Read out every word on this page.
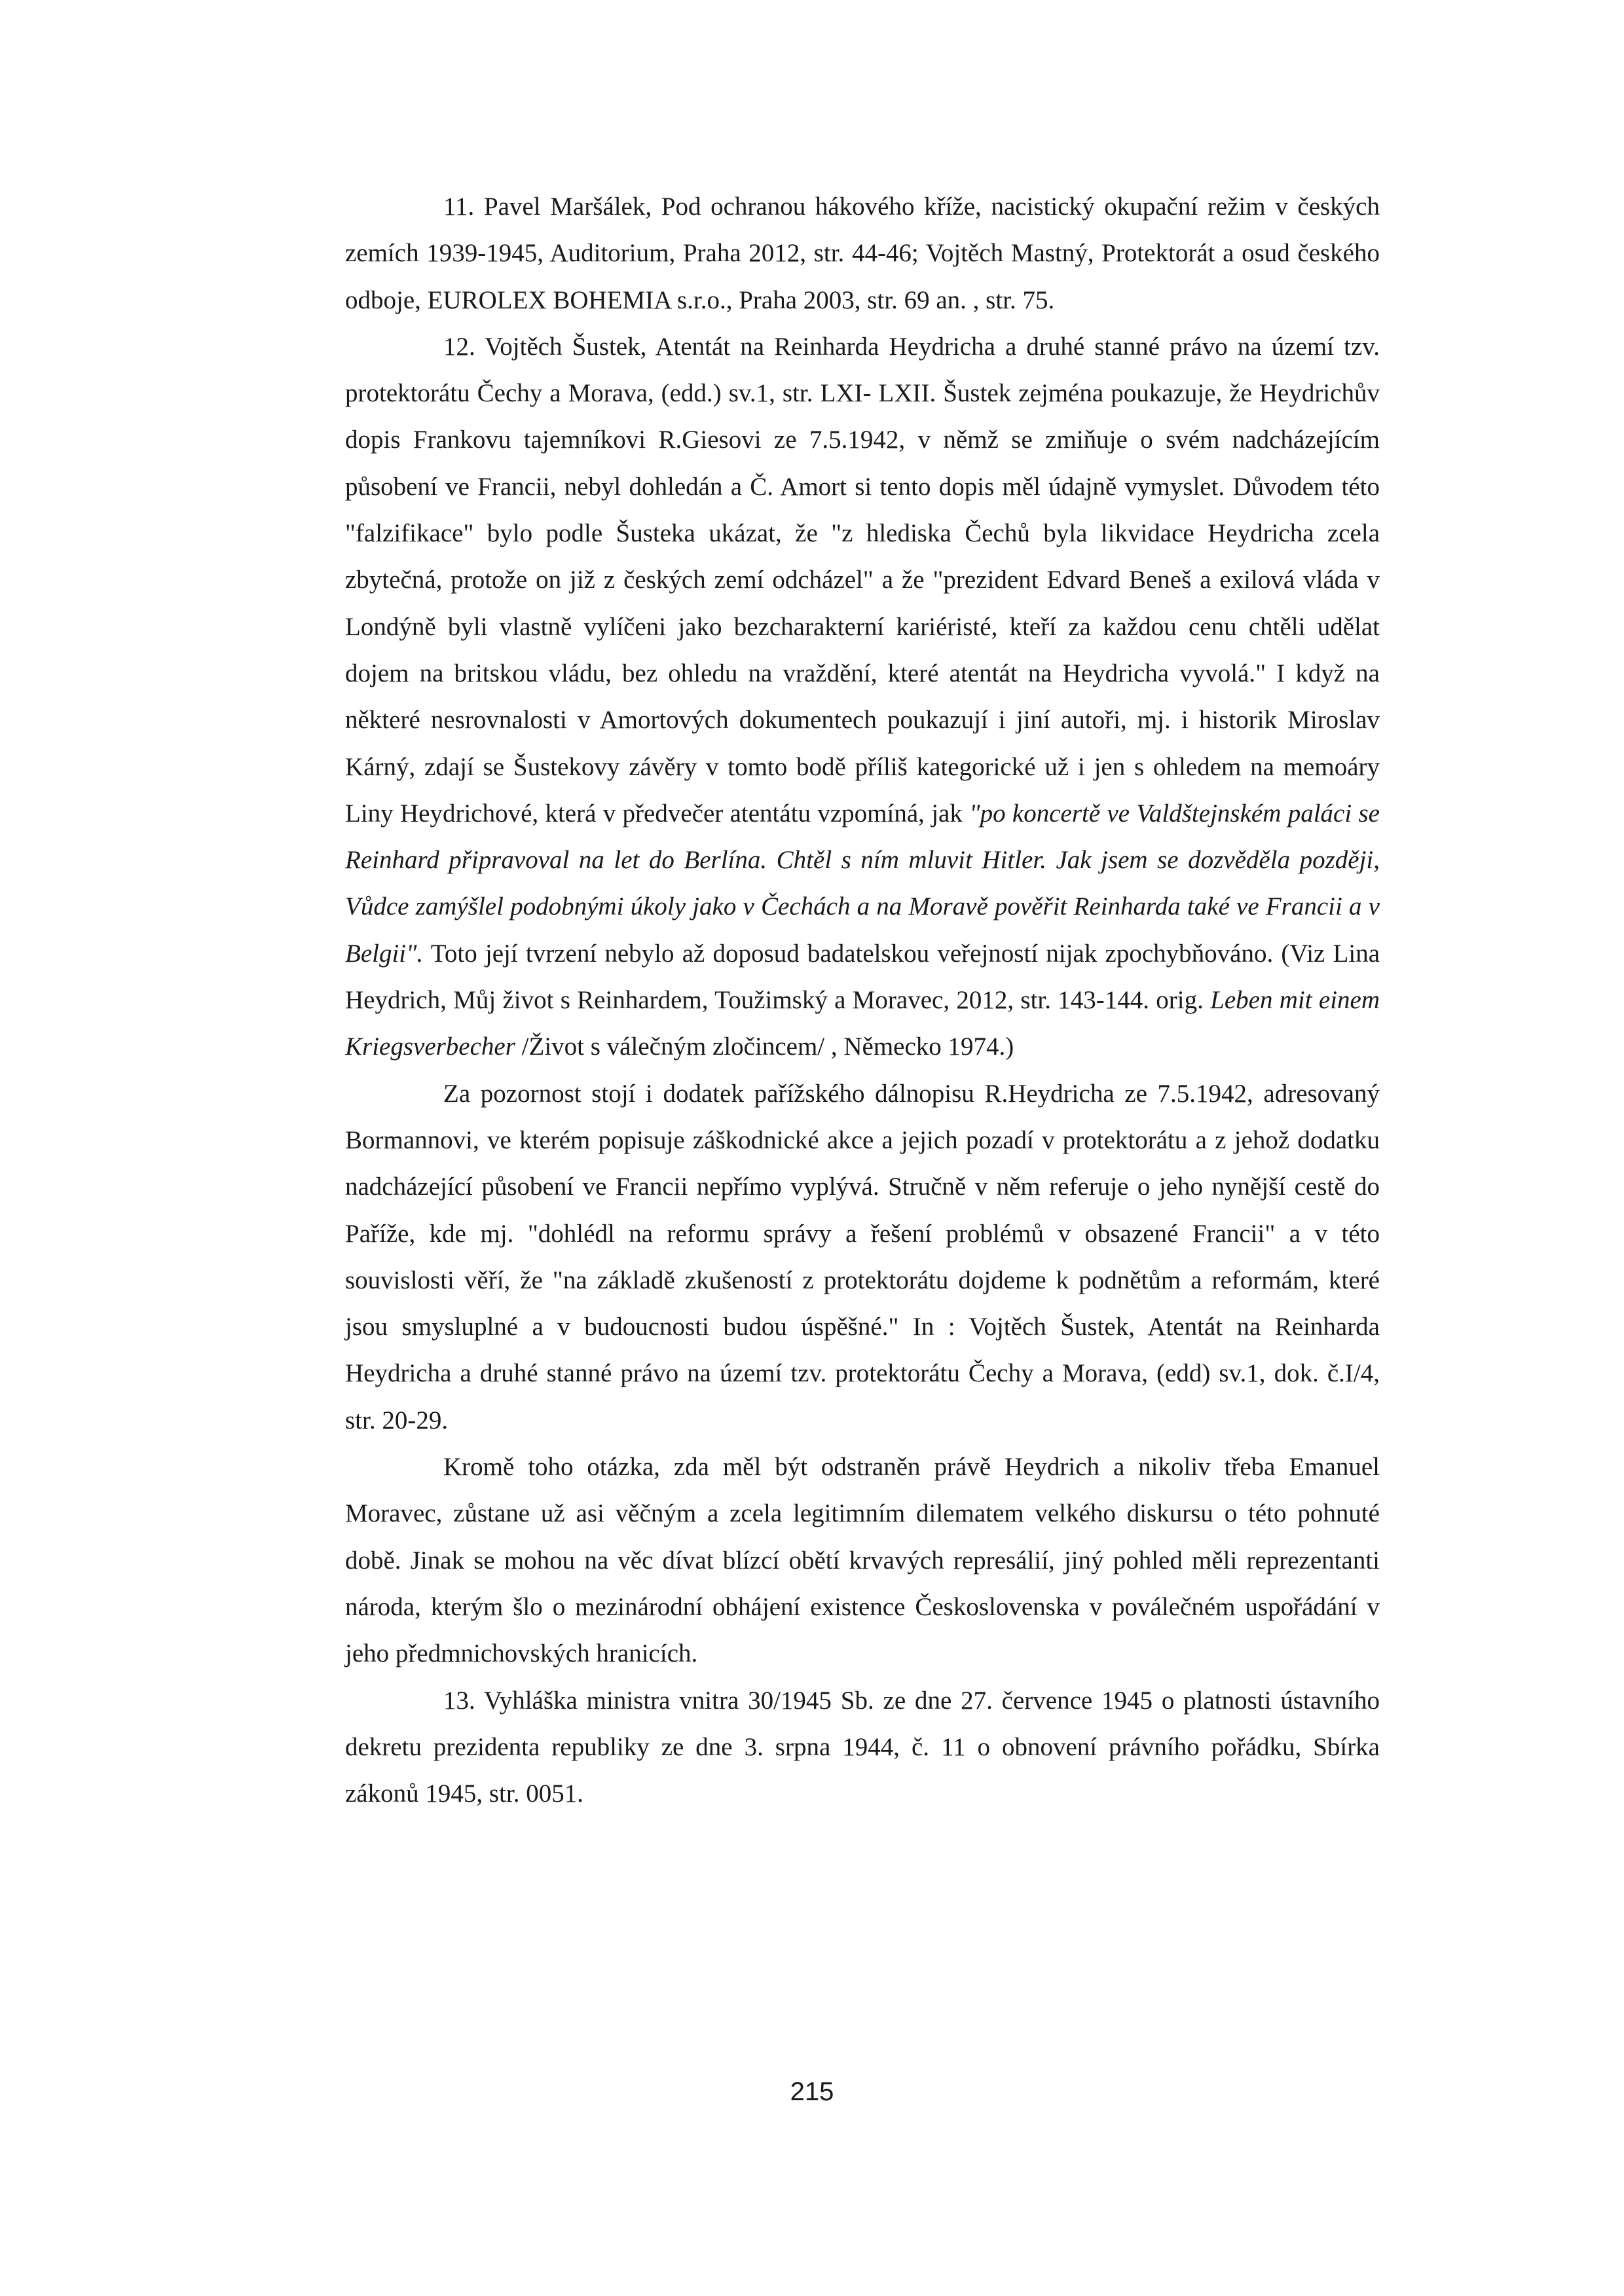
11. Pavel Maršálek, Pod ochranou hákového kříže, nacistický okupační režim v českých zemích 1939-1945, Auditorium, Praha 2012, str. 44-46; Vojtěch Mastný, Protektorát a osud českého odboje, EUROLEX BOHEMIA s.r.o., Praha 2003, str. 69 an. , str. 75.

12. Vojtěch Šustek, Atentát na Reinharda Heydricha a druhé stanné právo na území tzv. protektorátu Čechy a Morava, (edd.) sv.1, str. LXI- LXII. Šustek zejména poukazuje, že Heydrichův dopis Frankovu tajemníkovi R.Giesovi ze 7.5.1942, v němž se zmiňuje o svém nadcházejícím působení ve Francii, nebyl dohledán a Č. Amort si tento dopis měl údajně vymyslet. Důvodem této "falzifikace" bylo podle Šusteka ukázat, že "z hlediska Čechů byla likvidace Heydricha zcela zbytečná, protože on již z českých zemí odcházel" a že "prezident Edvard Beneš a exilová vláda v Londýně byli vlastně vylíčeni jako bezcharakterní kariéristé, kteří za každou cenu chtěli udělat dojem na britskou vládu, bez ohledu na vraždění, které atentát na Heydricha vyvolá." I když na některé nesrovnalosti v Amortových dokumentech poukazují i jiní autoři, mj. i historik Miroslav Kárný, zdají se Šustekovy závěry v tomto bodě příliš kategorické už i jen s ohledem na memoáry Liny Heydrichové, která v předvečer atentátu vzpomíná, jak "po koncertě ve Valdštejnském paláci se Reinhard připravoval na let do Berlína. Chtěl s ním mluvit Hitler. Jak jsem se dozvěděla později, Vůdce zamýšlel podobnými úkoly jako v Čechách a na Moravě pověřit Reinharda také ve Francii a v Belgii". Toto její tvrzení nebylo až doposud badatelskou veřejností nijak zpochybňováno. (Viz Lina Heydrich, Můj život s Reinhardem, Toužimský a Moravec, 2012, str. 143-144. orig. Leben mit einem Kriegsverbecher /Život s válečným zločincem/ , Německo 1974.)

Za pozornost stojí i dodatek pařížského dálnopisu R.Heydricha ze 7.5.1942, adresovaný Bormannovi, ve kterém popisuje záškodnické akce a jejich pozadí v protektorátu a z jehož dodatku nadcházející působení ve Francii nepřímo vyplývá. Stručně v něm referuje o jeho nynější cestě do Paříže, kde mj. "dohlédl na reformu správy a řešení problémů v obsazené Francii" a v této souvislosti věří, že "na základě zkušeností z protektorátu dojdeme k podnětům a reformám, které jsou smysluplné a v budoucnosti budou úspěšné." In : Vojtěch Šustek, Atentát na Reinharda Heydricha a druhé stanné právo na území tzv. protektorátu Čechy a Morava, (edd) sv.1, dok. č.I/4, str. 20-29.

Kromě toho otázka, zda měl být odstraněn právě Heydrich a nikoliv třeba Emanuel Moravec, zůstane už asi věčným a zcela legitimním dilematem velkého diskursu o této pohnuté době. Jinak se mohou na věc dívat blízcí obětí krvavých represálií, jiný pohled měli reprezentanti národa, kterým šlo o mezinárodní obhájení existence Československa v poválečném uspořádání v jeho předmnichovských hranicích.

13. Vyhláška ministra vnitra 30/1945 Sb. ze dne 27. července 1945 o platnosti ústavního dekretu prezidenta republiky ze dne 3. srpna 1944, č. 11 o obnovení právního pořádku, Sbírka zákonů 1945, str. 0051.

215
